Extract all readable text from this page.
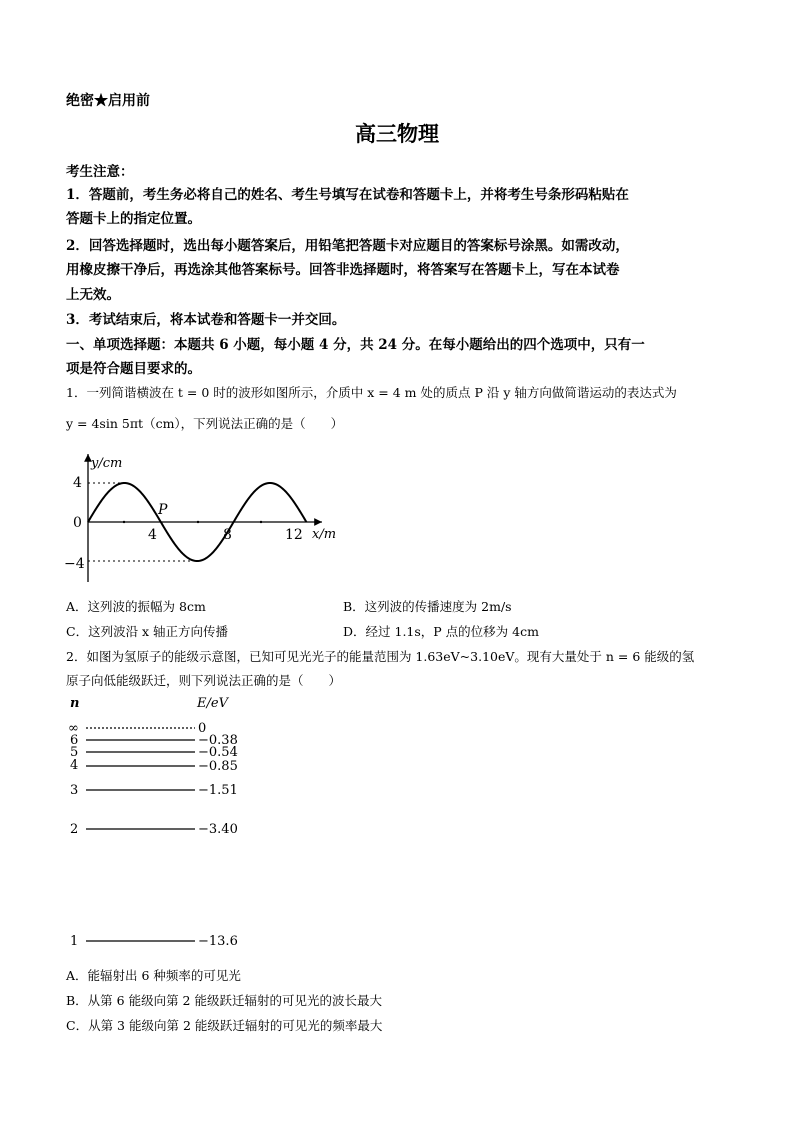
绝密★启用前
高三物理
考生注意：
1．答题前，考生务必将自己的姓名、考生号填写在试卷和答题卡上，并将考生号条形码粘贴在
答题卡上的指定位置。
2．回答选择题时，选出每小题答案后，用铅笔把答题卡对应题目的答案标号涂黑。如需改动，
用橡皮擦干净后，再选涂其他答案标号。回答非选择题时，将答案写在答题卡上，写在本试卷
上无效。
3．考试结束后，将本试卷和答题卡一并交回。
一、单项选择题：本题共 6 小题，每小题 4 分，共 24 分。在每小题给出的四个选项中，只有一
项是符合题目要求的。
1．一列简谐横波在 t = 0 时的波形如图所示，介质中 x = 4 m 处的质点 P 沿 y 轴方向做简谐运动的表达式为
y = 4sin 5πt（cm），下列说法正确的是（　　）
y/cm
x/m
4
0
−4
4	8	12
P
A．这列波的振幅为 8cm	B．这列波的传播速度为 2m/s
C．这列波沿 x 轴正方向传播	D．经过 1.1s，P 点的位移为 4cm
2．如图为氢原子的能级示意图，已知可见光光子的能量范围为 1.63eV~3.10eV。现有大量处于 n = 6 能级的氢
原子向低能级跃迁，则下列说法正确的是（　　）
n	E/eV
∞	0
6	−0.38
5	−0.54
4	−0.85
3	−1.51
2	−3.40
1	−13.6
A．能辐射出 6 种频率的可见光
B．从第 6 能级向第 2 能级跃迁辐射的可见光的波长最大
C．从第 3 能级向第 2 能级跃迁辐射的可见光的频率最大
